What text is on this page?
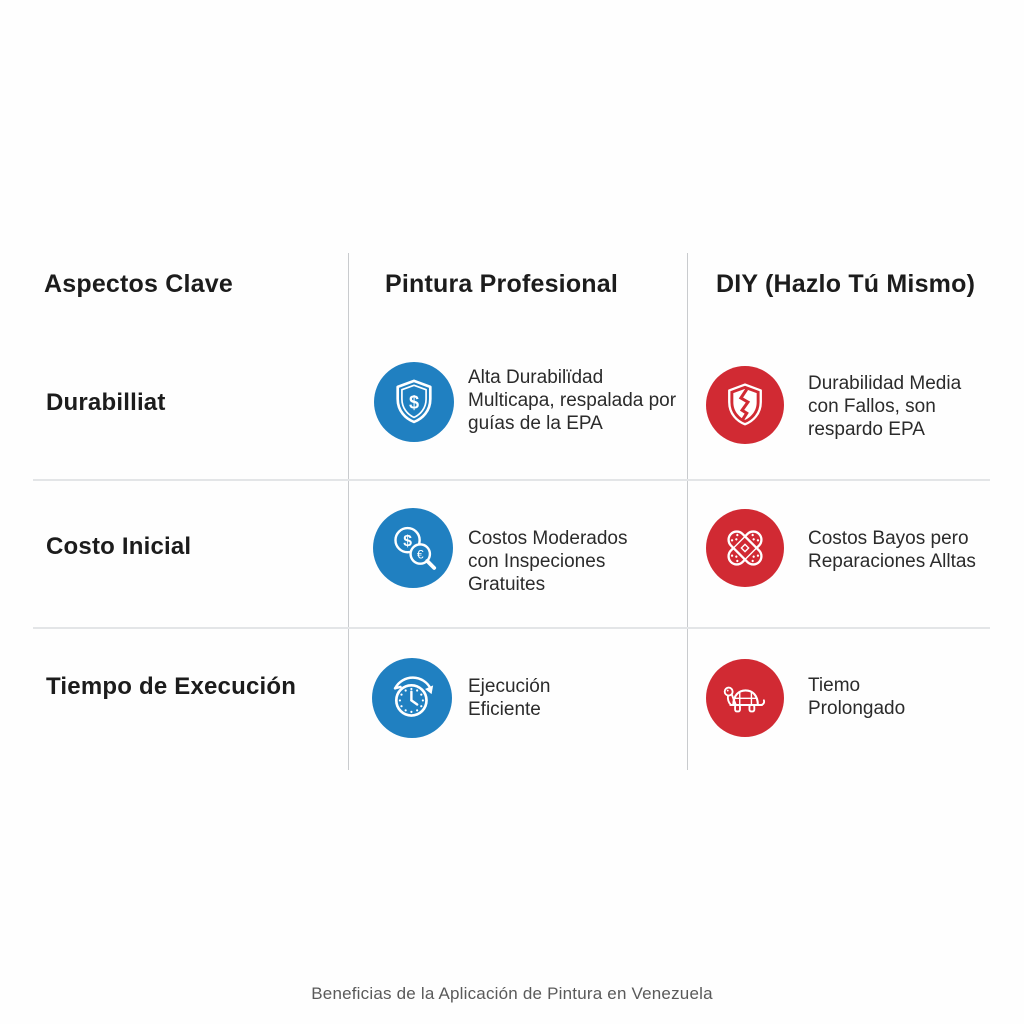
Aspectos Clave	Pintura Profesional	DIY (Hazlo Tú Mismo)
Durabilliat
Costo Inicial
Tiempo de Execución
$
Alta Durabilïdad
Multicapa, respalada por
guías de la EPA
Durabilidad Media
con Fallos, son
respardo EPA
$
€
Costos Moderados
con Inspeciones
Gratuites
Costos Bayos pero
Reparaciones Alltas
Ejecución
Eficiente
Tiemo
Prolongado
Beneficias de la Aplicación de Pintura en Venezuela
